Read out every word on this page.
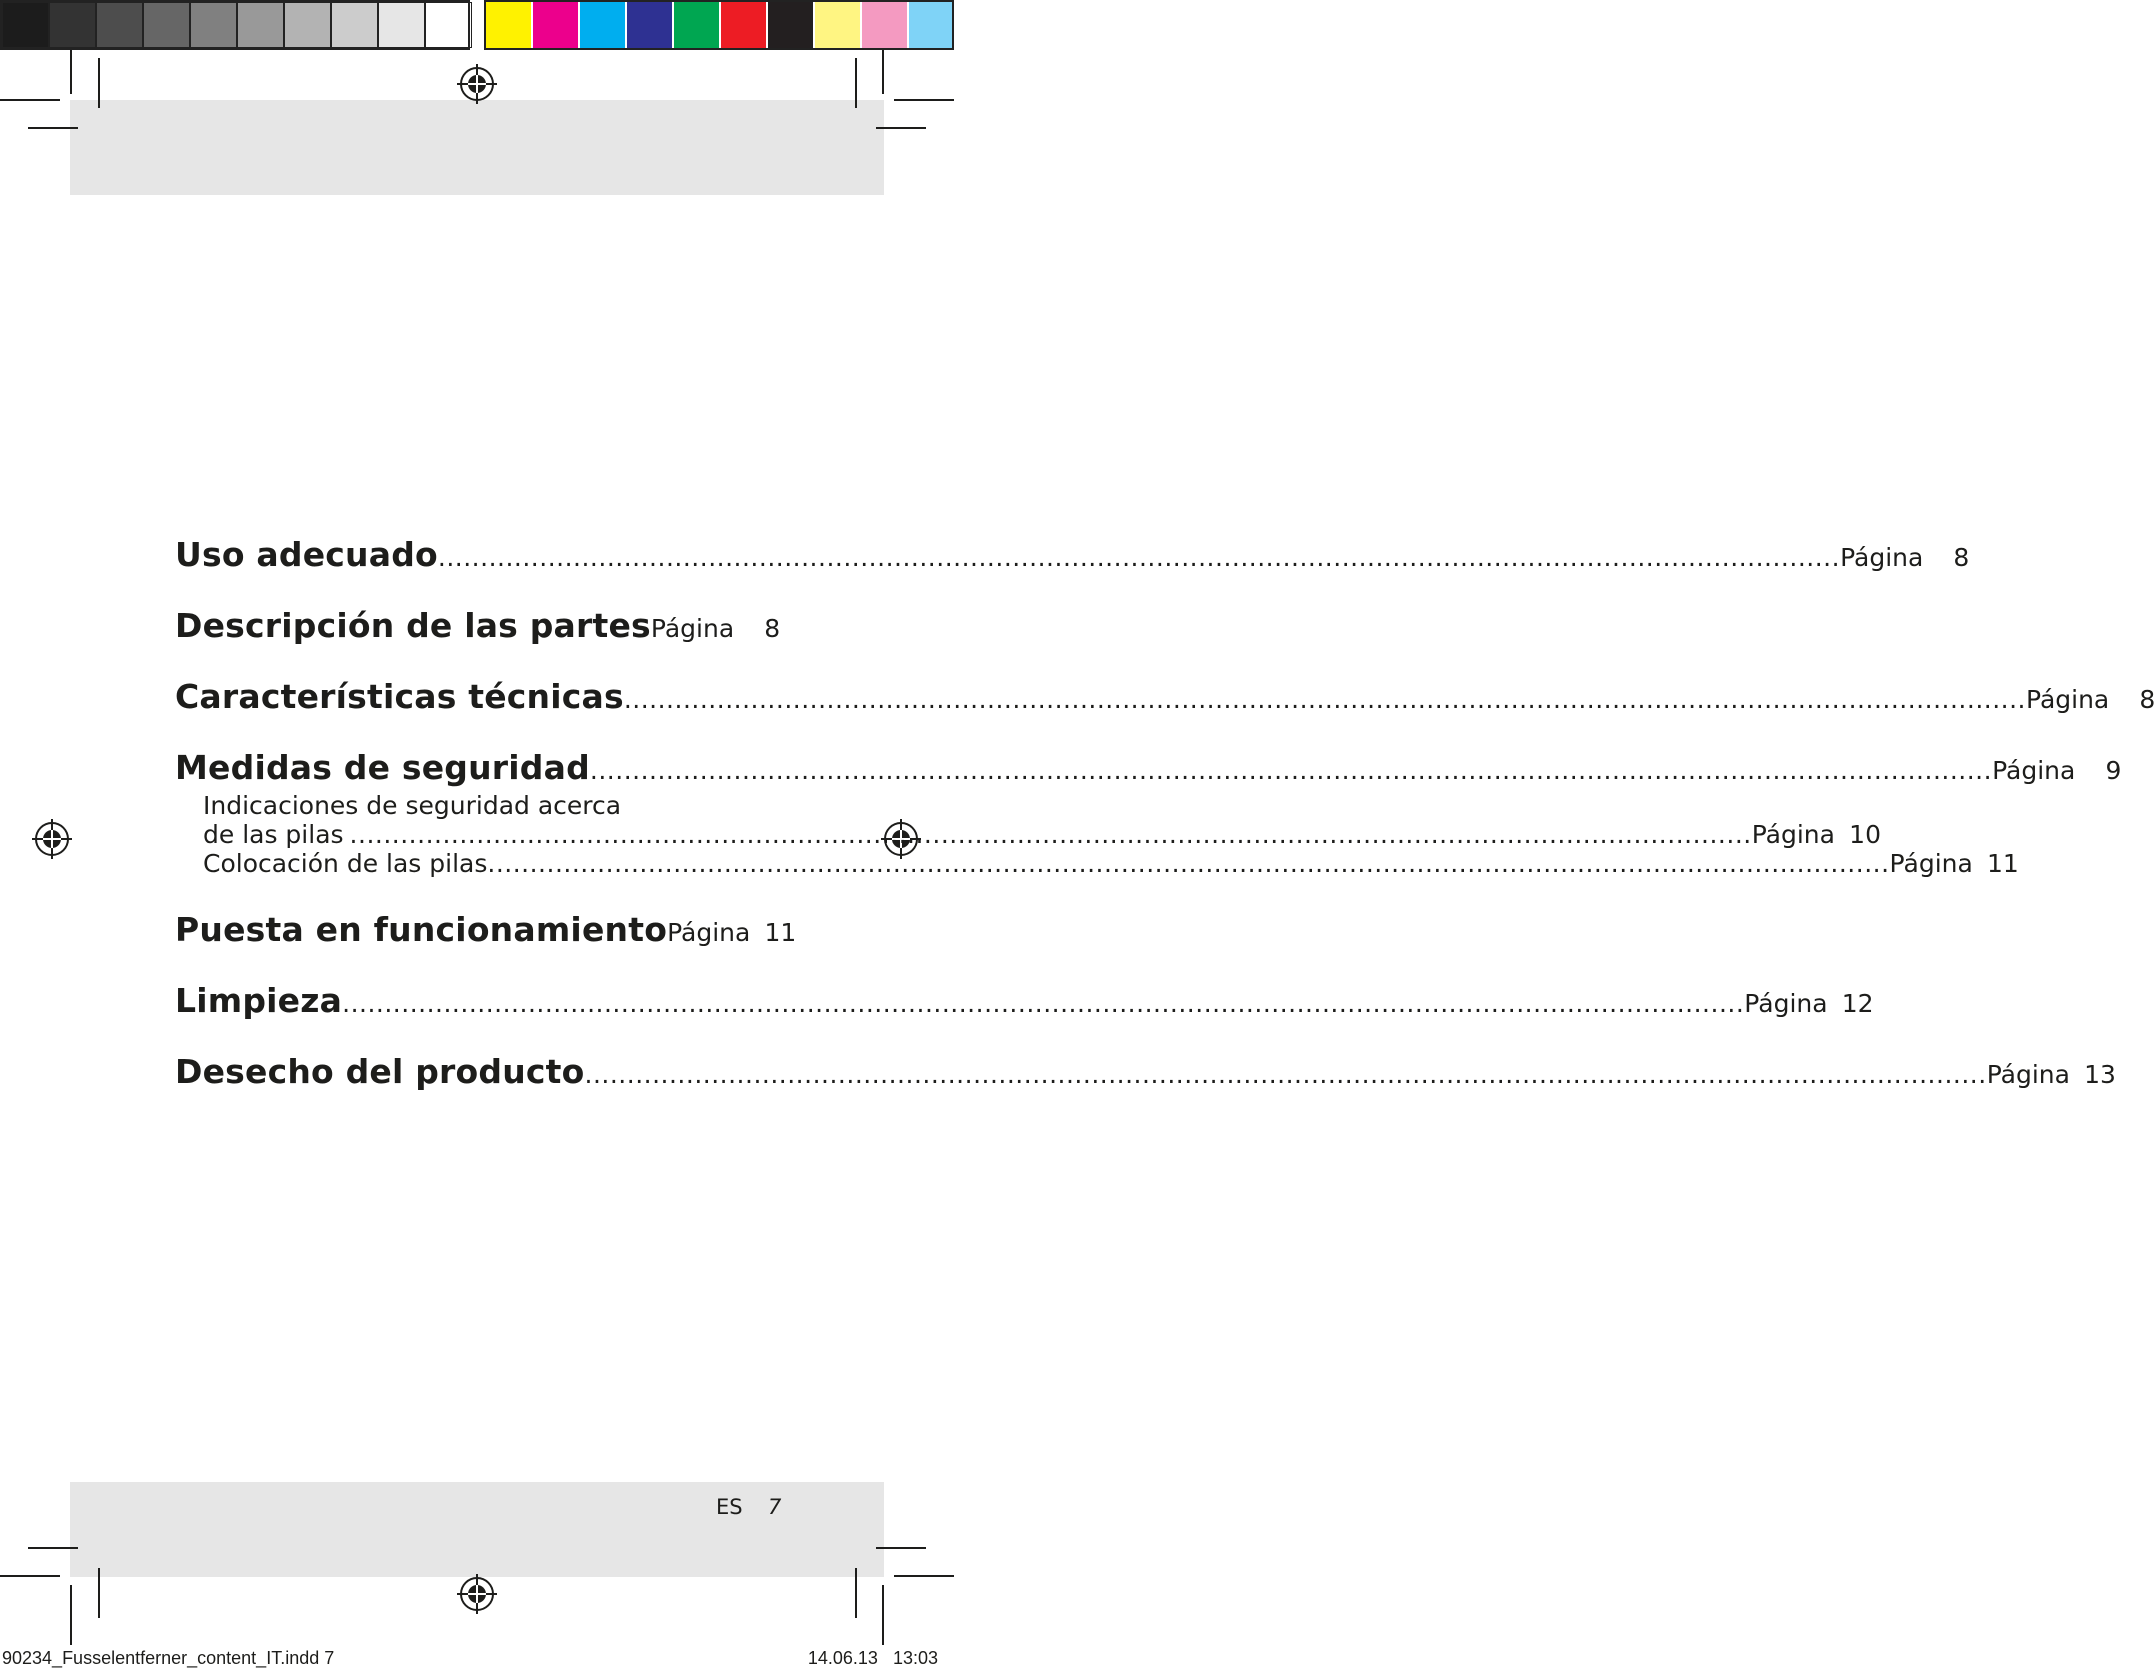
Uso adecuado .....	Página	8
Descripción de las partes Página	8
Características técnicas .....	Página	8
Medidas de seguridad .....	Página	9
Indicaciones de seguridad acerca
de las pilas .....	Página 10
Colocación de las pilas .....	Página 11
Puesta en funcionamiento Página 11
Limpieza .....	Página 12
Desecho del producto .....	Página 13
ES 7
90234_Fusselentferner_content_IT.indd 7	14.06.13 13:03
